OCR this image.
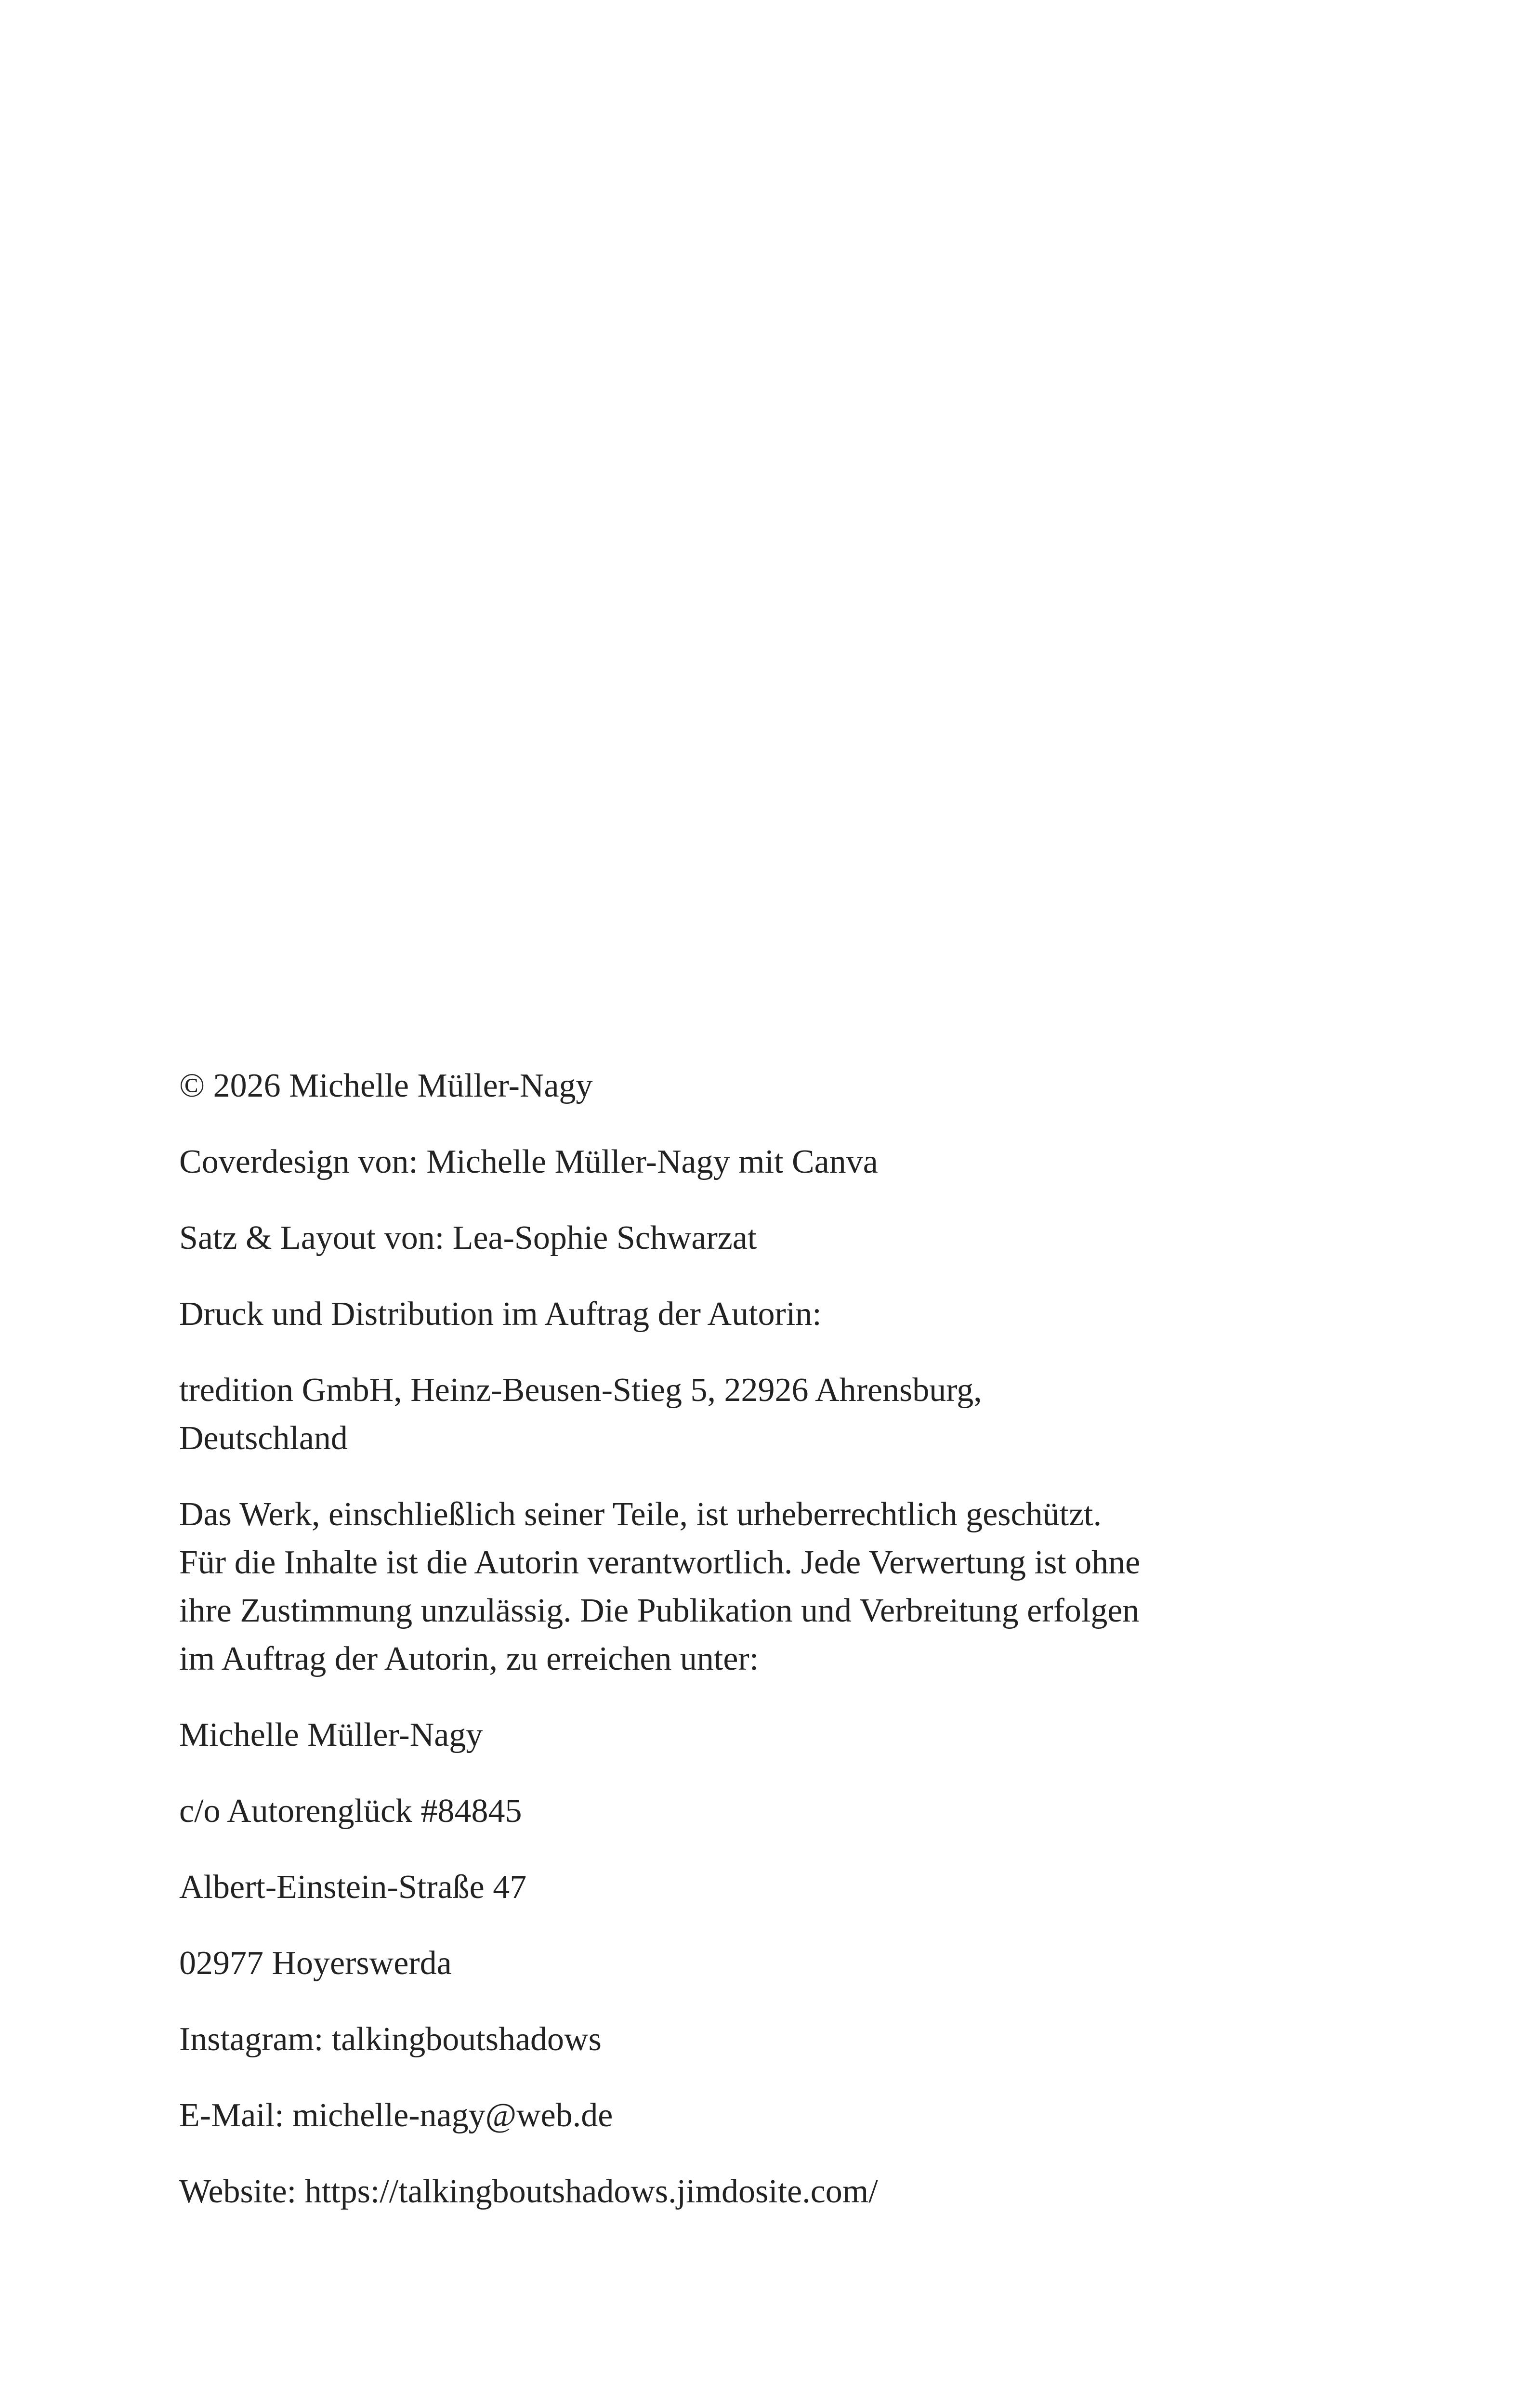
© 2026 Michelle Müller-Nagy

Coverdesign von: Michelle Müller-Nagy mit Canva

Satz & Layout von: Lea-Sophie Schwarzat

Druck und Distribution im Auftrag der Autorin:

tredition GmbH, Heinz-Beusen-Stieg 5, 22926 Ahrensburg,
Deutschland

Das Werk, einschließlich seiner Teile, ist urheberrechtlich geschützt.
Für die Inhalte ist die Autorin verantwortlich. Jede Verwertung ist ohne
ihre Zustimmung unzulässig. Die Publikation und Verbreitung erfolgen
im Auftrag der Autorin, zu erreichen unter:

Michelle Müller-Nagy

c/o Autorenglück #84845

Albert-Einstein-Straße 47

02977 Hoyerswerda

Instagram: talkingboutshadows

E-Mail: michelle-nagy@web.de

Website: https://talkingboutshadows.jimdosite.com/
